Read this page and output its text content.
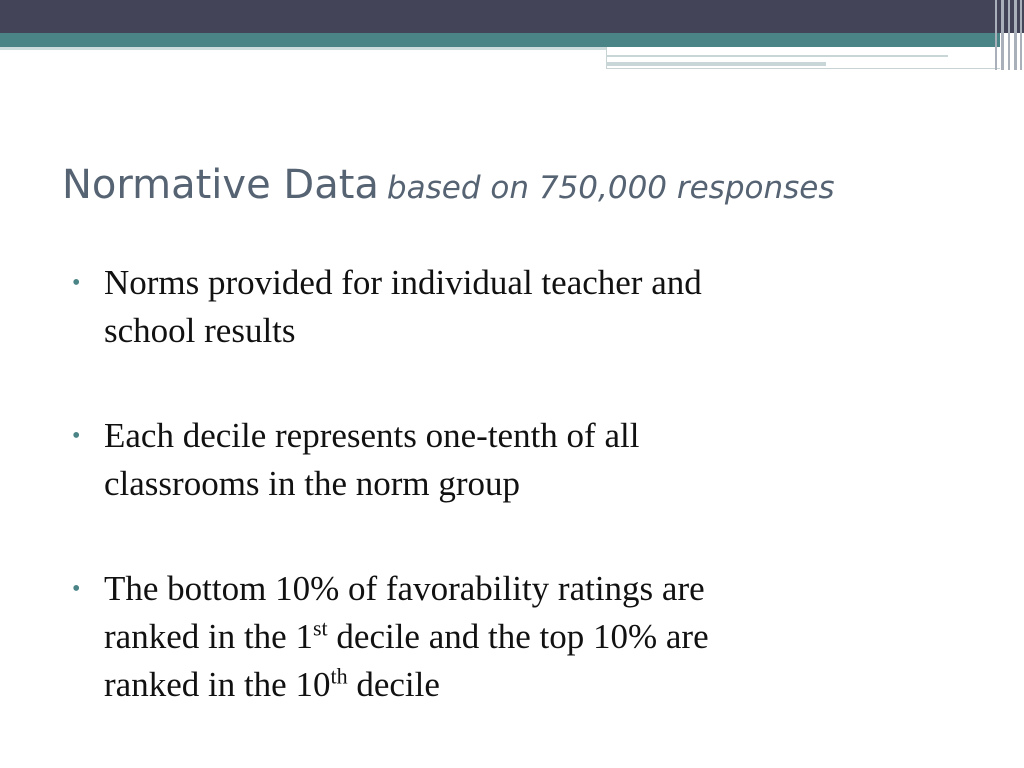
Normative Data based on 750,000 responses
• Norms provided for individual teacher and
school results
• Each decile represents one-tenth of all
classrooms in the norm group
• The bottom 10% of favorability ratings are
ranked in the 1st decile and the top 10% are
ranked in the 10th decile
